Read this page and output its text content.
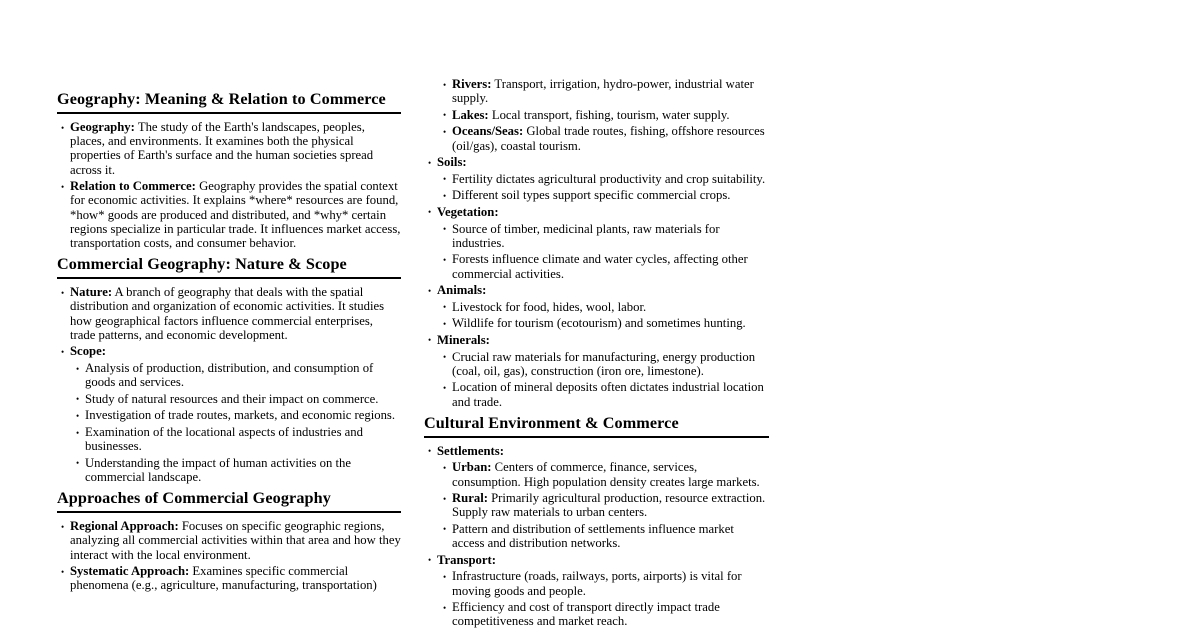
Geography: Meaning & Relation to Commerce
• Geography: The study of the Earth's landscapes, peoples, places, and environments. It examines both the physical properties of Earth's surface and the human societies spread across it.
• Relation to Commerce: Geography provides the spatial context for economic activities. It explains *where* resources are found, *how* goods are produced and distributed, and *why* certain regions specialize in particular trade. It influences market access, transportation costs, and consumer behavior.
Commercial Geography: Nature & Scope
• Nature: A branch of geography that deals with the spatial distribution and organization of economic activities. It studies how geographical factors influence commercial enterprises, trade patterns, and economic development.
• Scope:
• Analysis of production, distribution, and consumption of goods and services.
• Study of natural resources and their impact on commerce.
• Investigation of trade routes, markets, and economic regions.
• Examination of the locational aspects of industries and businesses.
• Understanding the impact of human activities on the commercial landscape.
Approaches of Commercial Geography
• Regional Approach: Focuses on specific geographic regions, analyzing all commercial activities within that area and how they interact with the local environment.
• Systematic Approach: Examines specific commercial phenomena (e.g., agriculture, manufacturing, transportation)
• Rivers: Transport, irrigation, hydro-power, industrial water supply.
• Lakes: Local transport, fishing, tourism, water supply.
• Oceans/Seas: Global trade routes, fishing, offshore resources (oil/gas), coastal tourism.
• Soils:
• Fertility dictates agricultural productivity and crop suitability.
• Different soil types support specific commercial crops.
• Vegetation:
• Source of timber, medicinal plants, raw materials for industries.
• Forests influence climate and water cycles, affecting other commercial activities.
• Animals:
• Livestock for food, hides, wool, labor.
• Wildlife for tourism (ecotourism) and sometimes hunting.
• Minerals:
• Crucial raw materials for manufacturing, energy production (coal, oil, gas), construction (iron ore, limestone).
• Location of mineral deposits often dictates industrial location and trade.
Cultural Environment & Commerce
• Settlements:
• Urban: Centers of commerce, finance, services, consumption. High population density creates large markets.
• Rural: Primarily agricultural production, resource extraction. Supply raw materials to urban centers.
• Pattern and distribution of settlements influence market access and distribution networks.
• Transport:
• Infrastructure (roads, railways, ports, airports) is vital for moving goods and people.
• Efficiency and cost of transport directly impact trade competitiveness and market reach.
